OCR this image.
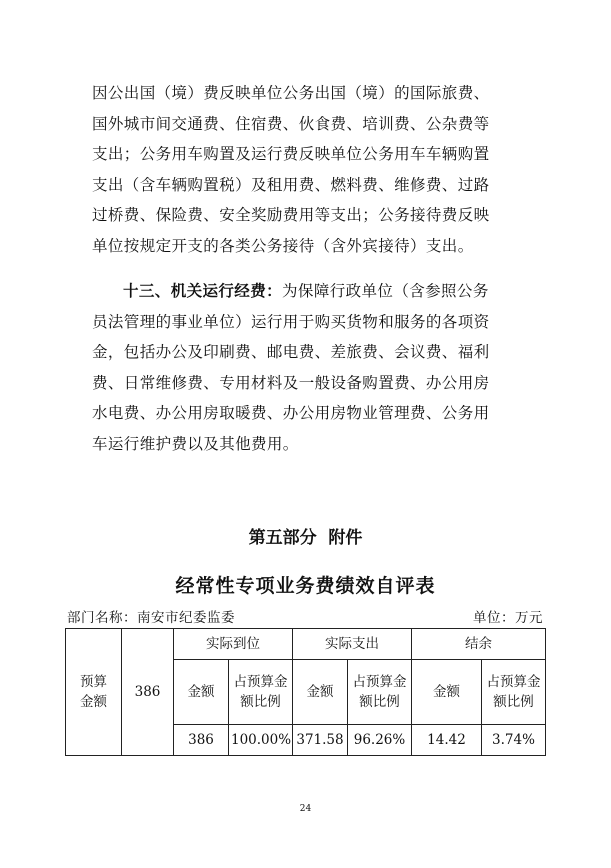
因公出国（境）费反映单位公务出国（境）的国际旅费、
国外城市间交通费、住宿费、伙食费、培训费、公杂费等
支出；公务用车购置及运行费反映单位公务用车车辆购置
支出（含车辆购置税）及租用费、燃料费、维修费、过路
过桥费、保险费、安全奖励费用等支出；公务接待费反映
单位按规定开支的各类公务接待（含外宾接待）支出。
十三、机关运行经费：为保障行政单位（含参照公务
员法管理的事业单位）运行用于购买货物和服务的各项资
金，包括办公及印刷费、邮电费、差旅费、会议费、福利
费、日常维修费、专用材料及一般设备购置费、办公用房
水电费、办公用房取暖费、办公用房物业管理费、公务用
车运行维护费以及其他费用。
第五部分  附件
经常性专项业务费绩效自评表
部门名称：南安市纪委监委	单位：万元
预算金额	386	实际到位		实际支出		结余	
		金额	占预算金额比例	金额	占预算金额比例	金额	占预算金额比例
		386	100.00%	371.58	96.26%	14.42	3.74%
24
